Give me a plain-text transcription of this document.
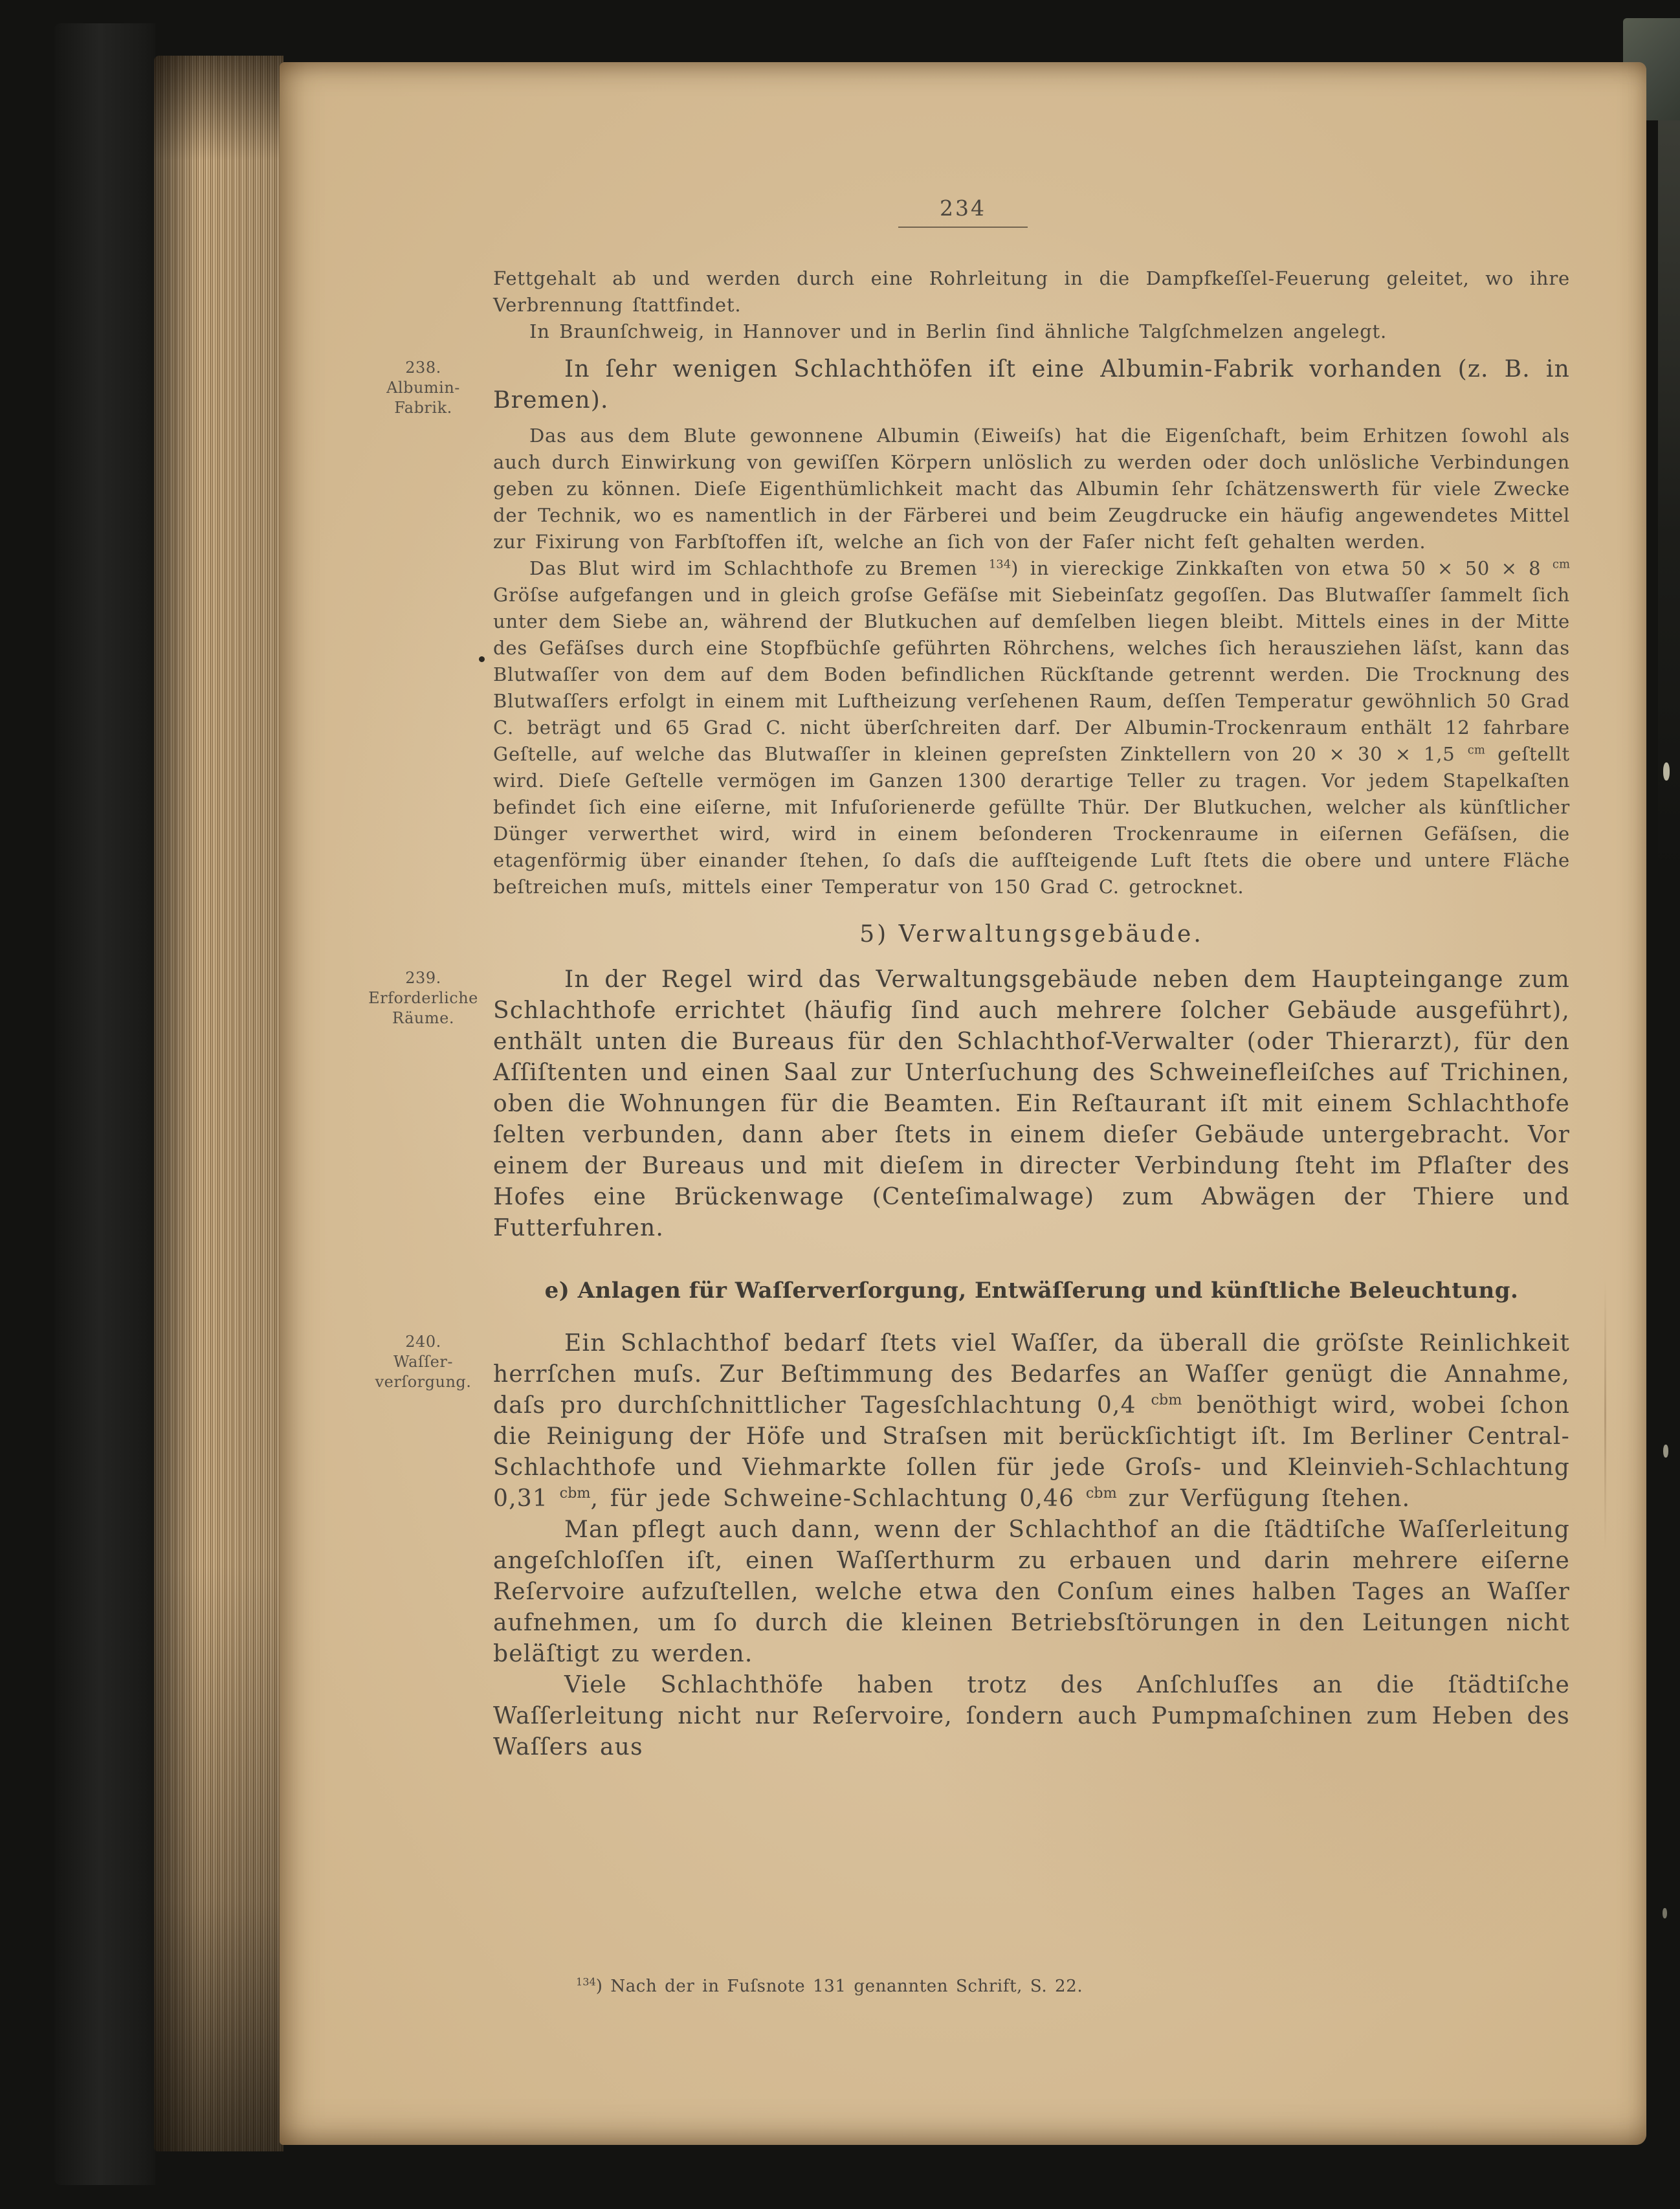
234

Fettgehalt ab und werden durch eine Rohrleitung in die Dampfkeſſel-Feuerung geleitet, wo ihre Verbrennung ſtattfindet.

In Braunſchweig, in Hannover und in Berlin ſind ähnliche Talgſchmelzen angelegt.

238.
Albumin-
Fabrik.

In ſehr wenigen Schlachthöfen iſt eine Albumin-Fabrik vorhanden (z. B. in Bremen).

Das aus dem Blute gewonnene Albumin (Eiweiſs) hat die Eigenſchaft, beim Erhitzen ſowohl als auch durch Einwirkung von gewiſſen Körpern unlöslich zu werden oder doch unlösliche Verbindungen geben zu können. Dieſe Eigenthümlichkeit macht das Albumin ſehr ſchätzenswerth für viele Zwecke der Technik, wo es namentlich in der Färberei und beim Zeugdrucke ein häufig angewendetes Mittel zur Fixirung von Farbſtoffen iſt, welche an ſich von der Faſer nicht feſt gehalten werden.

Das Blut wird im Schlachthofe zu Bremen $^{134}$) in viereckige Zinkkaſten von etwa 50 × 50 × 8 $^{cm}$ Gröſse aufgefangen und in gleich groſse Gefäſse mit Siebeinſatz gegoſſen. Das Blutwaſſer ſammelt ſich unter dem Siebe an, während der Blutkuchen auf demſelben liegen bleibt. Mittels eines in der Mitte des Gefäſses durch eine Stopfbüchſe geführten Röhrchens, welches ſich herausziehen läſst, kann das Blutwaſſer von dem auf dem Boden befindlichen Rückſtande getrennt werden. Die Trocknung des Blutwaſſers erfolgt in einem mit Luftheizung verſehenen Raum, deſſen Temperatur gewöhnlich 50 Grad C. beträgt und 65 Grad C. nicht überſchreiten darf. Der Albumin-Trockenraum enthält 12 fahrbare Geſtelle, auf welche das Blutwaſſer in kleinen gepreſsten Zinktellern von 20 × 30 × 1,5 $^{cm}$ geſtellt wird. Dieſe Geſtelle vermögen im Ganzen 1300 derartige Teller zu tragen. Vor jedem Stapelkaſten befindet ſich eine eiſerne, mit Infuſorienerde gefüllte Thür. Der Blutkuchen, welcher als künſtlicher Dünger verwerthet wird, wird in einem beſonderen Trockenraume in eiſernen Gefäſsen, die etagenförmig über einander ſtehen, ſo daſs die aufſteigende Luft ſtets die obere und untere Fläche beſtreichen muſs, mittels einer Temperatur von 150 Grad C. getrocknet.

5) Verwaltungsgebäude.
239.
Erforderliche
Räume.

In der Regel wird das Verwaltungsgebäude neben dem Haupteingange zum Schlachthofe errichtet (häufig ſind auch mehrere ſolcher Gebäude ausgeführt), enthält unten die Bureaus für den Schlachthof-Verwalter (oder Thierarzt), für den Aſſiſtenten und einen Saal zur Unterſuchung des Schweinefleiſches auf Trichinen, oben die Wohnungen für die Beamten. Ein Reſtaurant iſt mit einem Schlachthofe ſelten verbunden, dann aber ſtets in einem dieſer Gebäude untergebracht. Vor einem der Bureaus und mit dieſem in directer Verbindung ſteht im Pflaſter des Hofes eine Brückenwage (Centeſimalwage) zum Abwägen der Thiere und Futterfuhren.

e) Anlagen für Waſſerverſorgung, Entwäſſerung und künſtliche Beleuchtung.
240.
Waſſer-
verſorgung.

Ein Schlachthof bedarf ſtets viel Waſſer, da überall die gröſste Reinlichkeit herrſchen muſs. Zur Beſtimmung des Bedarfes an Waſſer genügt die Annahme, daſs pro durchſchnittlicher Tagesſchlachtung 0,4 $^{cbm}$ benöthigt wird, wobei ſchon die Reinigung der Höfe und Straſsen mit berückſichtigt iſt. Im Berliner Central-Schlachthofe und Viehmarkte ſollen für jede Groſs- und Kleinvieh-Schlachtung 0,31 $^{cbm}$, für jede Schweine-Schlachtung 0,46 $^{cbm}$ zur Verfügung ſtehen.

Man pflegt auch dann, wenn der Schlachthof an die ſtädtiſche Waſſerleitung angeſchloſſen iſt, einen Waſſerthurm zu erbauen und darin mehrere eiſerne Reſervoire aufzuſtellen, welche etwa den Conſum eines halben Tages an Waſſer aufnehmen, um ſo durch die kleinen Betriebsſtörungen in den Leitungen nicht beläſtigt zu werden.

Viele Schlachthöfe haben trotz des Anſchluſſes an die ſtädtiſche Waſſerleitung nicht nur Reſervoire, ſondern auch Pumpmaſchinen zum Heben des Waſſers aus

$^{134}$) Nach der in Fuſsnote 131 genannten Schrift, S. 22.
